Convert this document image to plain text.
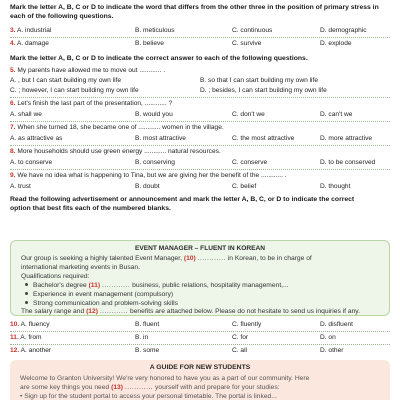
Mark the letter A, B, C or D to indicate the word that differs from the other three in the position of primary stress in each of the following questions.
3. A. industrial	B. meticulous	C. continuous	D. demographic
4. A. damage	B. believe	C. survive	D. explode
Mark the letter A, B, C or D to indicate the correct answer to each of the following questions.
5. My parents have allowed me to move out ............ .
A. , but I can start building my own life	B. so that I can start building my own life
C. ; however, I can start building my own life	D. ; besides, I can start building my own life
6. Let's finish the last part of the presentation, ............ ?
A. shall we	B. would you	C. don't we	D. can't we
7. When she turned 18, she became one of ............ women in the village.
A. as attractive as	B. most attractive	C. the most attractive	D. more attractive
8. More households should use green energy ............ natural resources.
A. to conserve	B. conserving	C. conserve	D. to be conserved
9. We have no idea what is happening to Tina, but we are giving her the benefit of the ............ .
A. trust	B. doubt	C. belief	D. thought
Read the following advertisement or announcement and mark the letter A, B, C, or D to indicate the correct
option that best fits each of the numbered blanks.
EVENT MANAGER – FLUENT IN KOREAN
Our group is seeking a highly talented Event Manager, (10) ............ in Korean, to be in charge of
international marketing events in Busan.
Qualifications required:
Bachelor's degree (11) ............ business, public relations, hospitality management,...
Experience in event management (compulsory)
Strong communication and problem-solving skills
The salary range and (12) ............ benefits are attached below. Please do not hesitate to send us inquiries if any.
10. A. fluency	B. fluent	C. fluently	D. disfluent
11. A. from	B. in	C. for	D. on
12. A. another	B. some	C. all	D. other
A GUIDE FOR NEW STUDENTS
Welcome to Granton University! We're very honored to have you as a part of our community. Here
are some key things you need (13) ............ yourself with and prepare for your studies:
• Sign up for the student portal to access your personal timetable. The portal is linked...
